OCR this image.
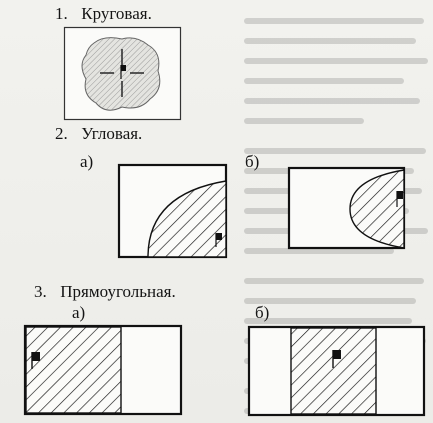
1. Круговая.
2. Угловая.
а)	б)
3. Прямоугольная.
а)	б)
